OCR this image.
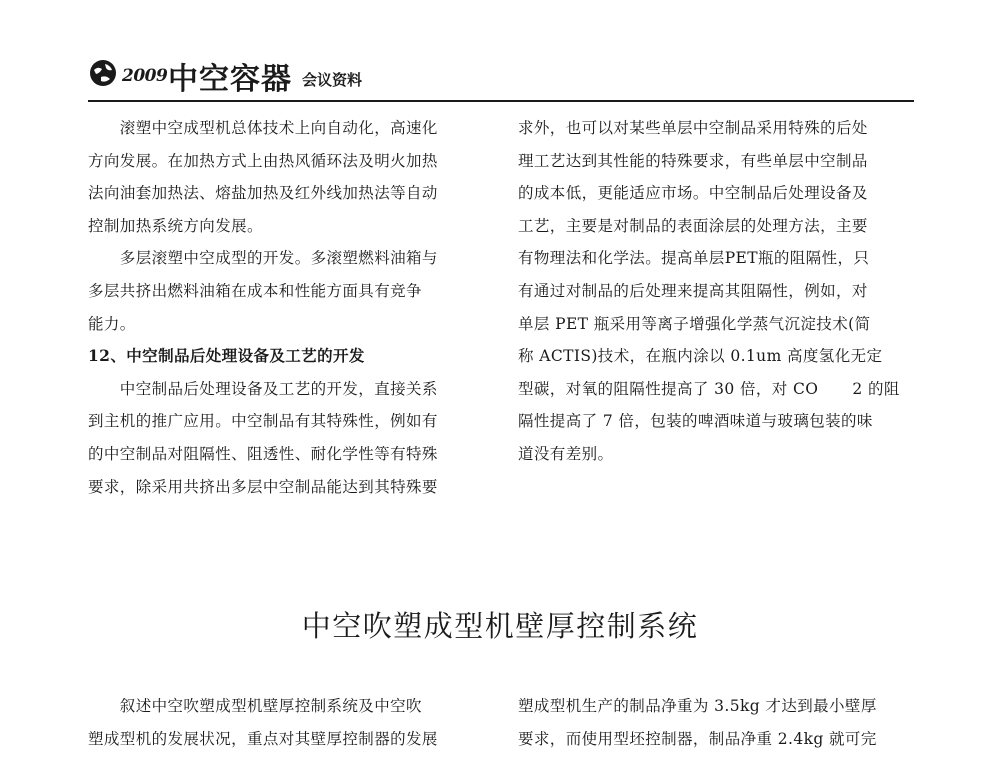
2009 中空容器 会议资料
　　滚塑中空成型机总体技术上向自动化，高速化
方向发展。在加热方式上由热风循环法及明火加热
法向油套加热法、熔盐加热及红外线加热法等自动
控制加热系统方向发展。
　　多层滚塑中空成型的开发。多滚塑燃料油箱与
多层共挤出燃料油箱在成本和性能方面具有竞争
能力。
12、中空制品后处理设备及工艺的开发
　　中空制品后处理设备及工艺的开发，直接关系
到主机的推广应用。中空制品有其特殊性，例如有
的中空制品对阻隔性、阻透性、耐化学性等有特殊
要求，除采用共挤出多层中空制品能达到其特殊要
求外，也可以对某些单层中空制品采用特殊的后处
理工艺达到其性能的特殊要求，有些单层中空制品
的成本低，更能适应市场。中空制品后处理设备及
工艺，主要是对制品的表面涂层的处理方法，主要
有物理法和化学法。提高单层PET瓶的阻隔性，只
有通过对制品的后处理来提高其阻隔性，例如，对
单层 PET 瓶采用等离子增强化学蒸气沉淀技术(简
称 ACTIS)技术，在瓶内涂以 0.1um 高度氢化无定
型碳，对氧的阻隔性提高了 30 倍，对 CO 2 的阻
隔性提高了 7 倍，包装的啤酒味道与玻璃包装的味
道没有差别。
中空吹塑成型机壁厚控制系统
　　叙述中空吹塑成型机壁厚控制系统及中空吹
塑成型机的发展状况，重点对其壁厚控制器的发展
塑成型机生产的制品净重为 3.5kg 才达到最小壁厚
要求，而使用型坯控制器，制品净重 2.4kg 就可完
